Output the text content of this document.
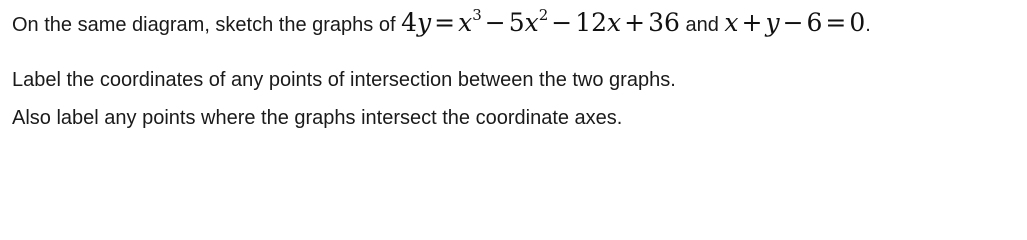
On the same diagram, sketch the graphs of $4y = x^3 - 5x^2 - 12x + 36$ and x + y − 6 = 0.
Label the coordinates of any points of intersection between the two graphs.
Also label any points where the graphs intersect the coordinate axes.
